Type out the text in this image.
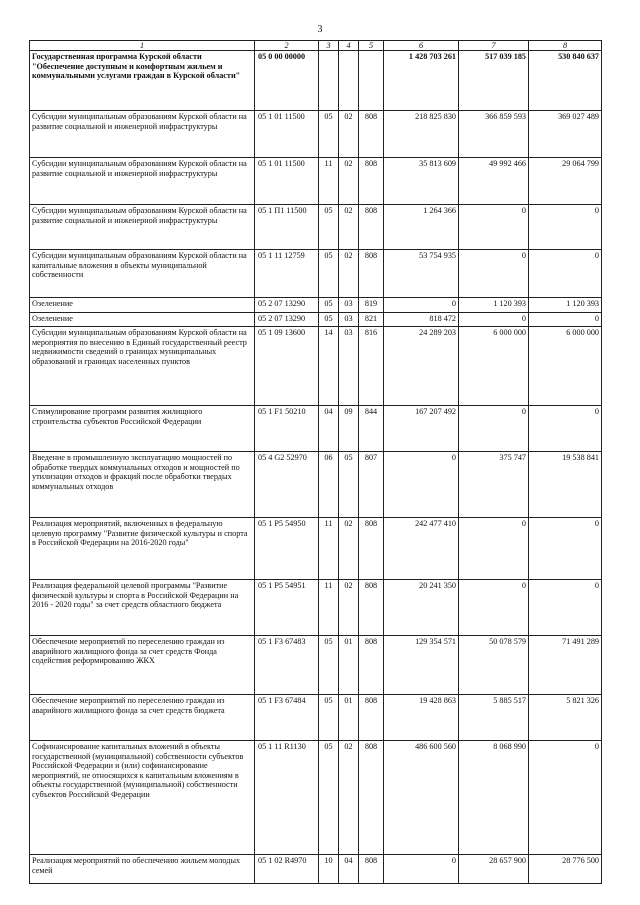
3
1	2	3	4	5	6	7	8
Государственная программа Курской области "Обеспечение доступным и комфортным жильем и коммунальными услугами граждан в Курской области"	05 0 00 00000				1 428 703 261	517 039 185	530 840 637
Субсидии муниципальным образованиям Курской области на развитие социальной и инженерной инфраструктуры	05 1 01 11500	05	02	808	218 825 830	366 859 593	369 027 489
Субсидии муниципальным образованиям Курской области на развитие социальной и инженерной инфраструктуры	05 1 01 11500	11	02	808	35 813 609	49 992 466	29 064 799
Субсидии муниципальным образованиям Курской области на развитие социальной и инженерной инфраструктуры	05 1 П1 11500	05	02	808	1 264 366	0	0
Субсидии муниципальным образованиям Курской области на капитальные вложения в объекты муниципальной собственности	05 1 11 12759	05	02	808	53 754 935	0	0
Озеленение	05 2 07 13290	05	03	819	0	1 120 393	1 120 393
Озеленение	05 2 07 13290	05	03	821	818 472	0	0
Субсидии муниципальным образованиям Курской области на мероприятия по внесению в Единый государственный реестр недвижимости сведений о границах муниципальных образований и границах населенных пунктов	05 1 09 13600	14	03	816	24 289 203	6 000 000	6 000 000
Стимулирование программ развития жилищного строительства субъектов Российской Федерации	05 1 F1 50210	04	09	844	167 207 492	0	0
Введение в промышленную эксплуатацию мощностей по обработке твердых коммунальных отходов и мощностей по утилизации отходов и фракций после обработки твердых коммунальных отходов	05 4 G2 52970	06	05	807	0	375 747	19 538 841
Реализация мероприятий, включенных в федеральную целевую программу "Развитие физической культуры и спорта в Российской Федерации на 2016-2020 годы"	05 1 P5 54950	11	02	808	242 477 410	0	0
Реализация федеральной целевой программы "Развитие физической культуры и спорта в Российской Федерации на 2016 - 2020 годы" за счет средств областного бюджета	05 1 P5 54951	11	02	808	20 241 350	0	0
Обеспечение мероприятий по переселению граждан из аварийного жилищного фонда за счет средств Фонда содействия реформированию ЖКХ	05 1 F3 67483	05	01	808	129 354 571	50 078 579	71 491 289
Обеспечение мероприятий по переселению граждан из аварийного жилищного фонда за счет средств бюджета	05 1 F3 67484	05	01	808	19 428 863	5 885 517	5 821 326
Софинансирование капитальных вложений в объекты государственной (муниципальной) собственности субъектов Российской Федерации и (или) софинансирование мероприятий, не относящихся к капитальным вложениям в объекты государственной (муниципальной) собственности субъектов Российской Федерации	05 1 11 R1130	05	02	808	486 600 560	8 068 990	0
Реализация мероприятий по обеспечению жильем молодых семей	05 1 02 R4970	10	04	808	0	28 657 900	28 776 500
